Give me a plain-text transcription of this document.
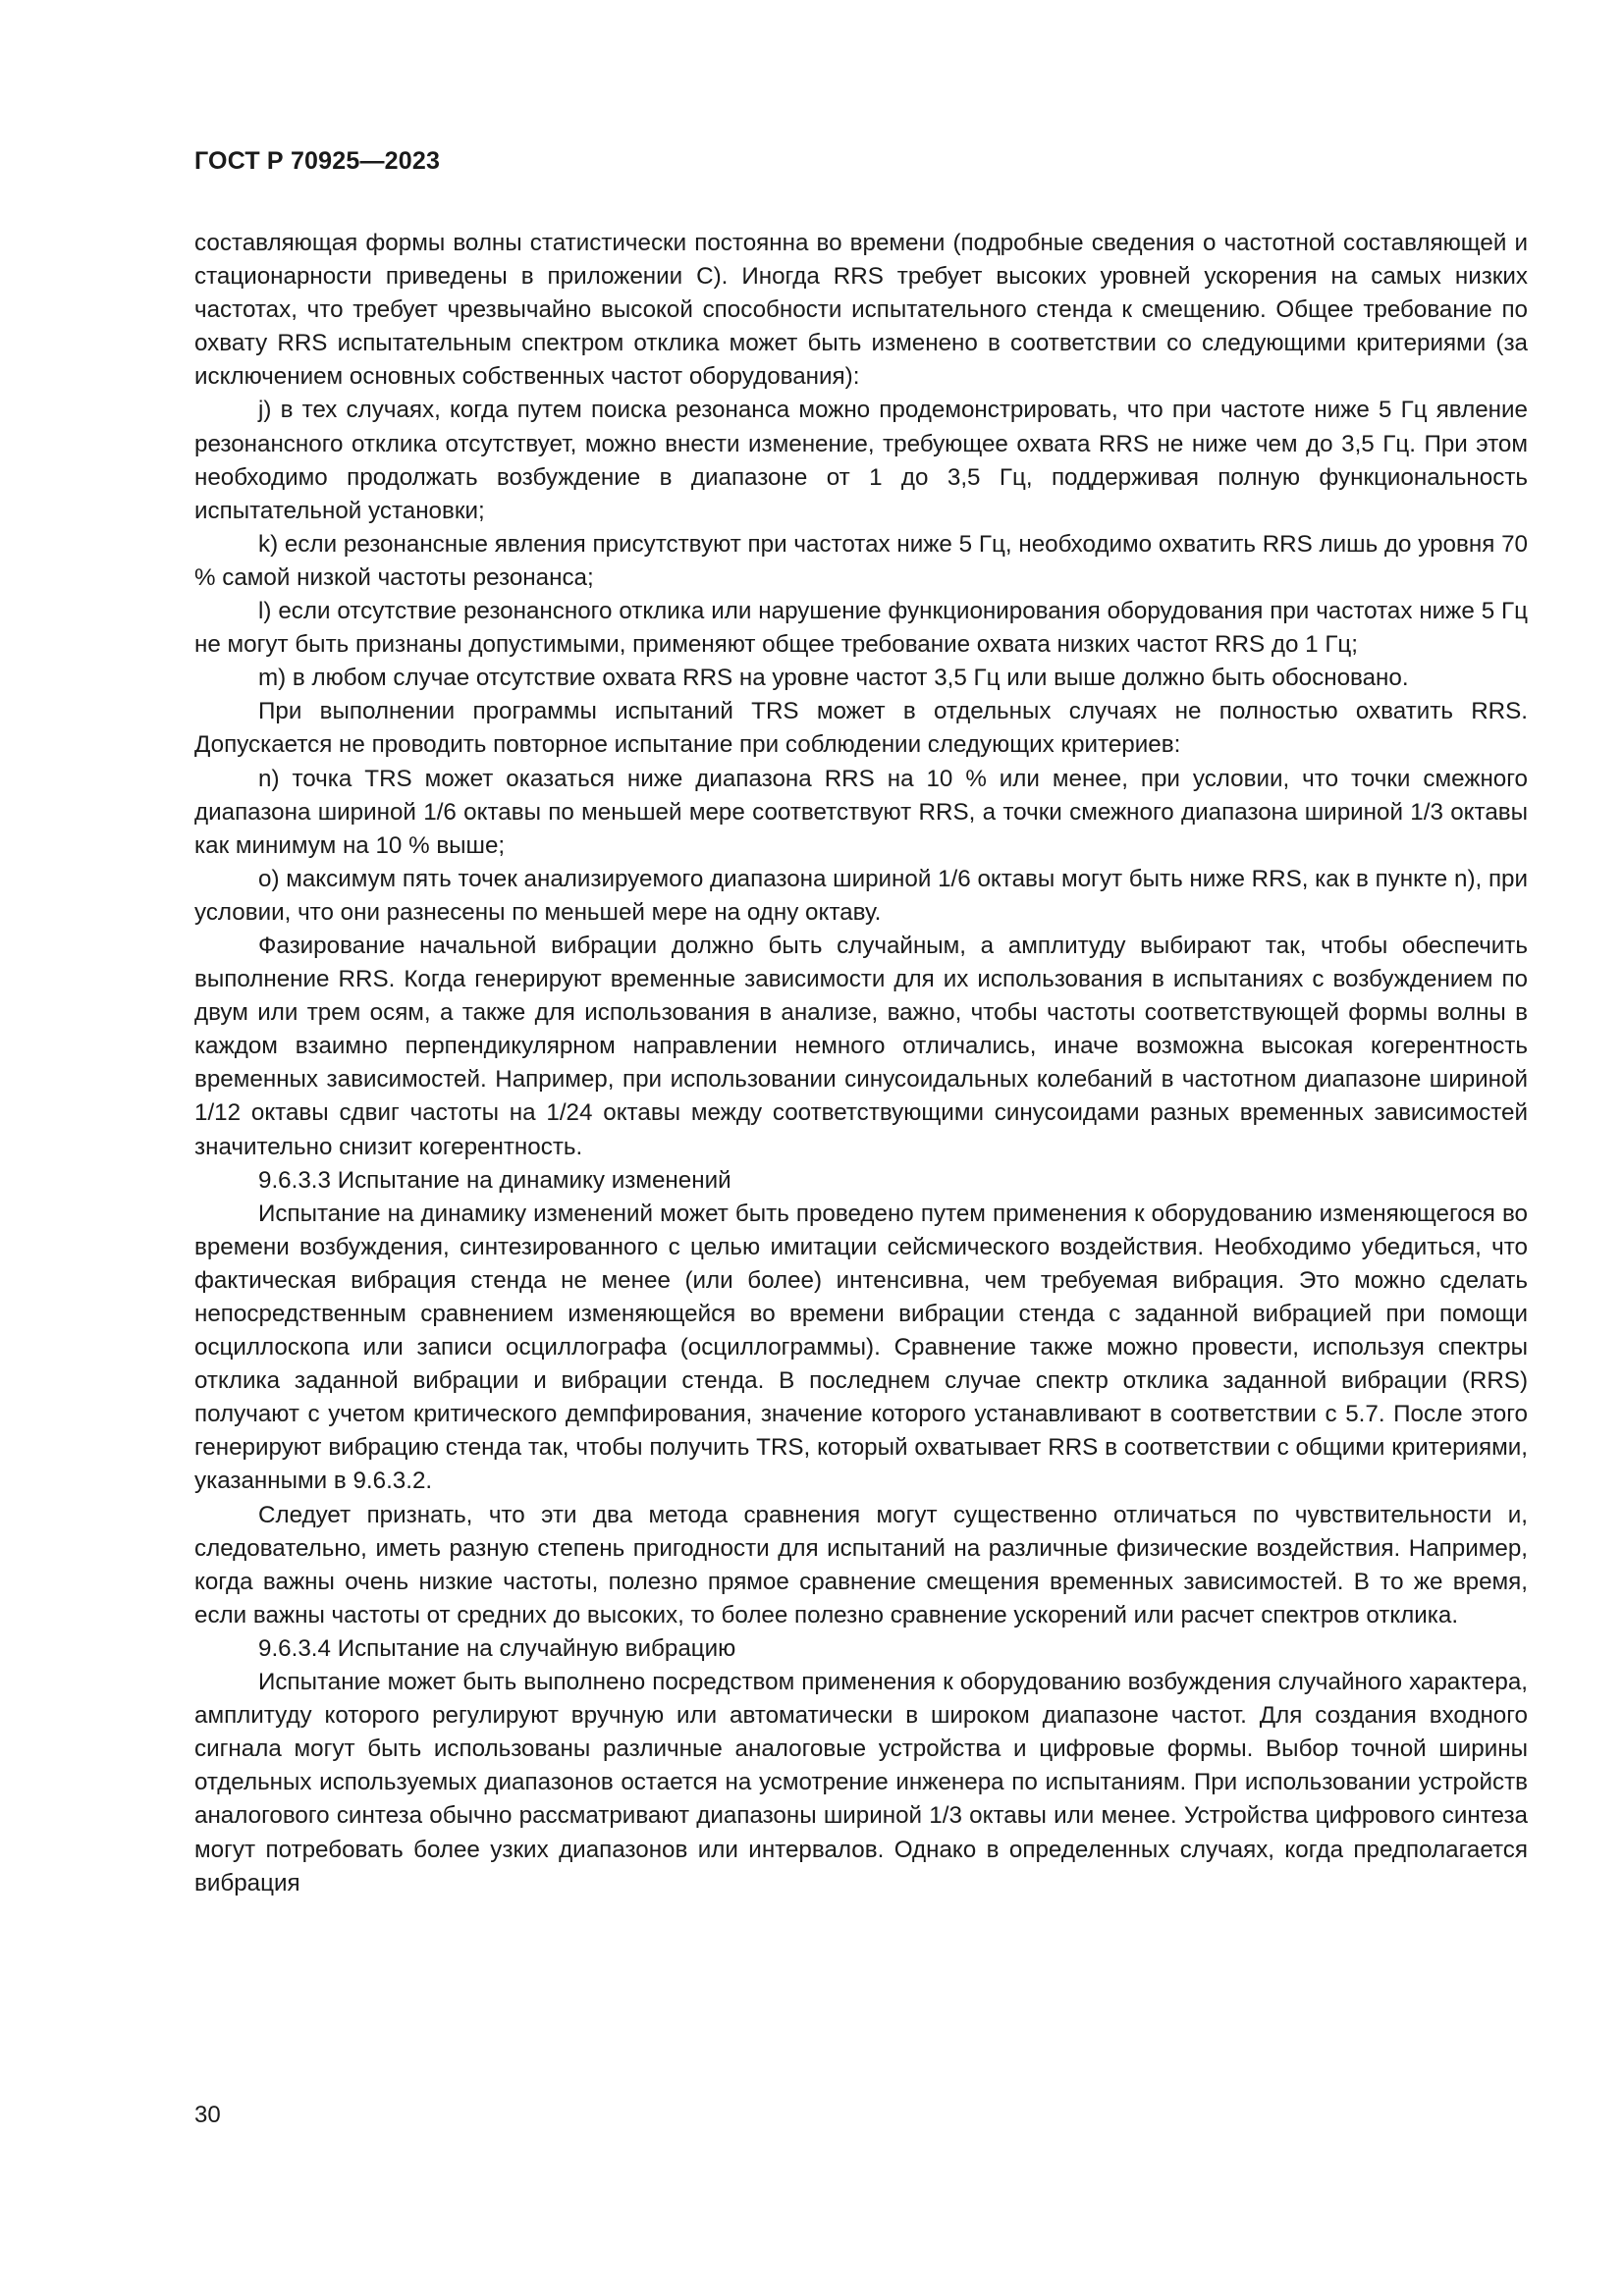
ГОСТ Р 70925—2023

составляющая формы волны статистически постоянна во времени (подробные сведения о частотной составляющей и стационарности приведены в приложении С). Иногда RRS требует высоких уровней ускорения на самых низких частотах, что требует чрезвычайно высокой способности испытательного стенда к смещению. Общее требование по охвату RRS испытательным спектром отклика может быть изменено в соответствии со следующими критериями (за исключением основных собственных частот оборудования):

j) в тех случаях, когда путем поиска резонанса можно продемонстрировать, что при частоте ниже 5 Гц явление резонансного отклика отсутствует, можно внести изменение, требующее охвата RRS не ниже чем до 3,5 Гц. При этом необходимо продолжать возбуждение в диапазоне от 1 до 3,5 Гц, поддерживая полную функциональность испытательной установки;

k) если резонансные явления присутствуют при частотах ниже 5 Гц, необходимо охватить RRS лишь до уровня 70 % самой низкой частоты резонанса;

l) если отсутствие резонансного отклика или нарушение функционирования оборудования при частотах ниже 5 Гц не могут быть признаны допустимыми, применяют общее требование охвата низких частот RRS до 1 Гц;

m) в любом случае отсутствие охвата RRS на уровне частот 3,5 Гц или выше должно быть обосновано.

При выполнении программы испытаний TRS может в отдельных случаях не полностью охватить RRS. Допускается не проводить повторное испытание при соблюдении следующих критериев:

n) точка TRS может оказаться ниже диапазона RRS на 10 % или менее, при условии, что точки смежного диапазона шириной 1/6 октавы по меньшей мере соответствуют RRS, а точки смежного диапазона шириной 1/3 октавы как минимум на 10 % выше;

o) максимум пять точек анализируемого диапазона шириной 1/6 октавы могут быть ниже RRS, как в пункте n), при условии, что они разнесены по меньшей мере на одну октаву.

Фазирование начальной вибрации должно быть случайным, а амплитуду выбирают так, чтобы обеспечить выполнение RRS. Когда генерируют временные зависимости для их использования в испытаниях с возбуждением по двум или трем осям, а также для использования в анализе, важно, чтобы частоты соответствующей формы волны в каждом взаимно перпендикулярном направлении немного отличались, иначе возможна высокая когерентность временных зависимостей. Например, при использовании синусоидальных колебаний в частотном диапазоне шириной 1/12 октавы сдвиг частоты на 1/24 октавы между соответствующими синусоидами разных временных зависимостей значительно снизит когерентность.

9.6.3.3 Испытание на динамику изменений

Испытание на динамику изменений может быть проведено путем применения к оборудованию изменяющегося во времени возбуждения, синтезированного с целью имитации сейсмического воздействия. Необходимо убедиться, что фактическая вибрация стенда не менее (или более) интенсивна, чем требуемая вибрация. Это можно сделать непосредственным сравнением изменяющейся во времени вибрации стенда с заданной вибрацией при помощи осциллоскопа или записи осциллографа (осциллограммы). Сравнение также можно провести, используя спектры отклика заданной вибрации и вибрации стенда. В последнем случае спектр отклика заданной вибрации (RRS) получают с учетом критического демпфирования, значение которого устанавливают в соответствии с 5.7. После этого генерируют вибрацию стенда так, чтобы получить TRS, который охватывает RRS в соответствии с общими критериями, указанными в 9.6.3.2.

Следует признать, что эти два метода сравнения могут существенно отличаться по чувствительности и, следовательно, иметь разную степень пригодности для испытаний на различные физические воздействия. Например, когда важны очень низкие частоты, полезно прямое сравнение смещения временных зависимостей. В то же время, если важны частоты от средних до высоких, то более полезно сравнение ускорений или расчет спектров отклика.

9.6.3.4 Испытание на случайную вибрацию

Испытание может быть выполнено посредством применения к оборудованию возбуждения случайного характера, амплитуду которого регулируют вручную или автоматически в широком диапазоне частот. Для создания входного сигнала могут быть использованы различные аналоговые устройства и цифровые формы. Выбор точной ширины отдельных используемых диапазонов остается на усмотрение инженера по испытаниям. При использовании устройств аналогового синтеза обычно рассматривают диапазоны шириной 1/3 октавы или менее. Устройства цифрового синтеза могут потребовать более узких диапазонов или интервалов. Однако в определенных случаях, когда предполагается вибрация

30
